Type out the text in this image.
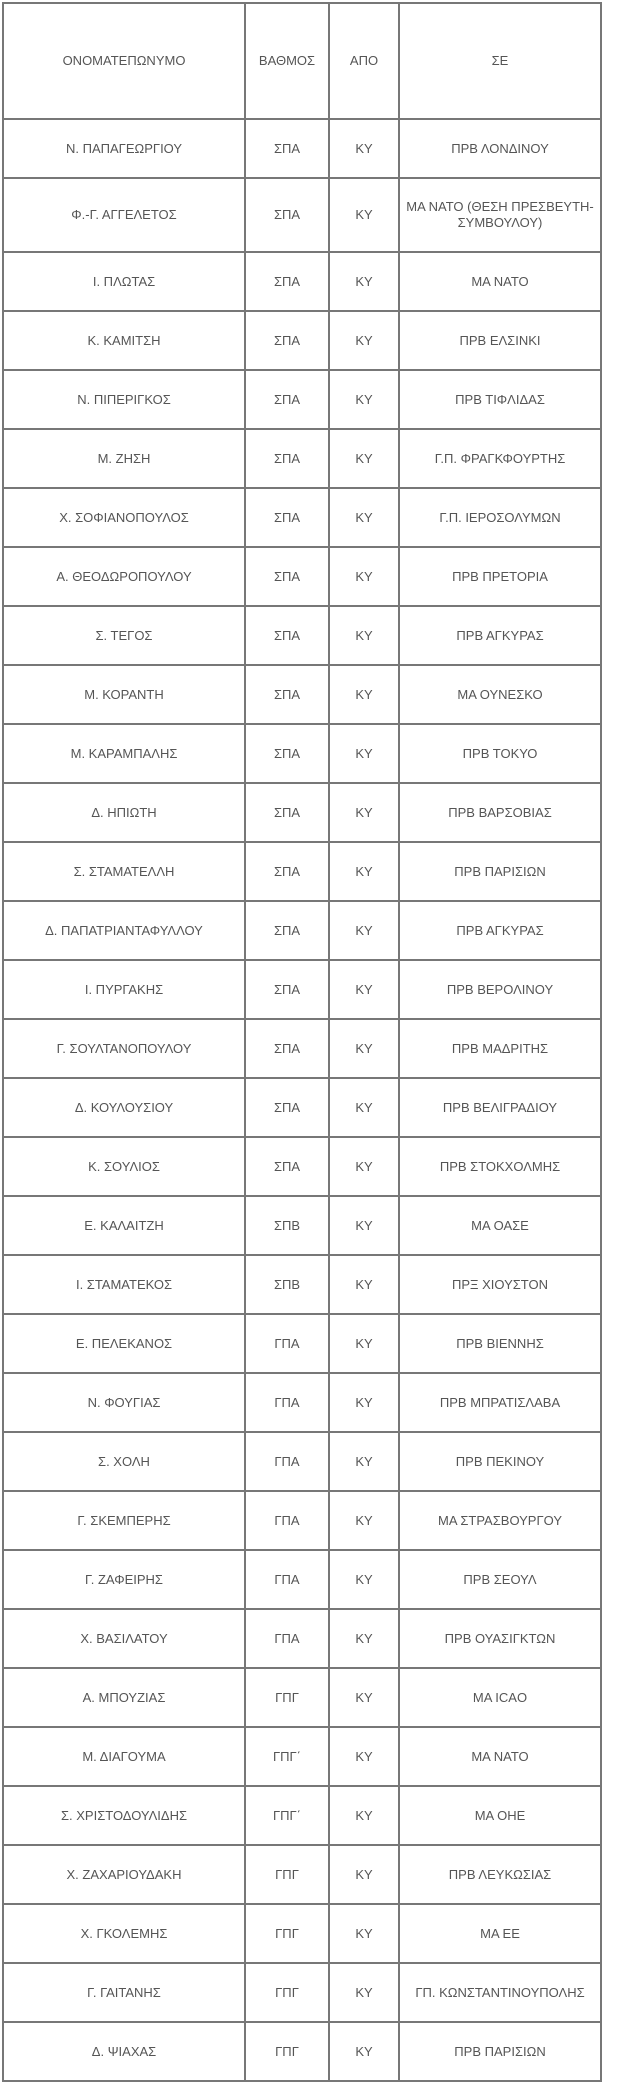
ΟΝΟΜΑΤΕΠΩΝΥΜΟ	ΒΑΘΜΟΣ	ΑΠΟ	ΣΕ
Ν. ΠΑΠΑΓΕΩΡΓΙΟΥ	ΣΠΑ	ΚΥ	ΠΡΒ ΛΟΝΔΙΝΟΥ
Φ.-Γ. ΑΓΓΕΛΕΤΟΣ	ΣΠΑ	ΚΥ	ΜΑ ΝΑΤΟ (ΘΕΣΗ ΠΡΕΣΒΕΥΤΗ-ΣΥΜΒΟΥΛΟΥ)
Ι. ΠΛΩΤΑΣ	ΣΠΑ	ΚΥ	ΜΑ ΝΑΤΟ
Κ. ΚΑΜΙΤΣΗ	ΣΠΑ	ΚΥ	ΠΡΒ ΕΛΣΙΝΚΙ
Ν. ΠΙΠΕΡΙΓΚΟΣ	ΣΠΑ	ΚΥ	ΠΡΒ ΤΙΦΛΙΔΑΣ
Μ. ΖΗΣΗ	ΣΠΑ	ΚΥ	Γ.Π. ΦΡΑΓΚΦΟΥΡΤΗΣ
Χ. ΣΟΦΙΑΝΟΠΟΥΛΟΣ	ΣΠΑ	ΚΥ	Γ.Π. ΙΕΡΟΣΟΛΥΜΩΝ
Α. ΘΕΟΔΩΡΟΠΟΥΛΟΥ	ΣΠΑ	ΚΥ	ΠΡΒ ΠΡΕΤΟΡΙΑ
Σ. ΤΕΓΟΣ	ΣΠΑ	ΚΥ	ΠΡΒ ΑΓΚΥΡΑΣ
Μ. ΚΟΡΑΝΤΗ	ΣΠΑ	ΚΥ	ΜΑ ΟΥΝΕΣΚΟ
Μ. ΚΑΡΑΜΠΑΛΗΣ	ΣΠΑ	ΚΥ	ΠΡΒ ΤΟΚΥΟ
Δ. ΗΠΙΩΤΗ	ΣΠΑ	ΚΥ	ΠΡΒ ΒΑΡΣΟΒΙΑΣ
Σ. ΣΤΑΜΑΤΕΛΛΗ	ΣΠΑ	ΚΥ	ΠΡΒ ΠΑΡΙΣΙΩΝ
Δ. ΠΑΠΑΤΡΙΑΝΤΑΦΥΛΛΟΥ	ΣΠΑ	ΚΥ	ΠΡΒ ΑΓΚΥΡΑΣ
Ι. ΠΥΡΓΑΚΗΣ	ΣΠΑ	ΚΥ	ΠΡΒ ΒΕΡΟΛΙΝΟΥ
Γ. ΣΟΥΛΤΑΝΟΠΟΥΛΟΥ	ΣΠΑ	ΚΥ	ΠΡΒ ΜΑΔΡΙΤΗΣ
Δ. ΚΟΥΛΟΥΣΙΟΥ	ΣΠΑ	ΚΥ	ΠΡΒ ΒΕΛΙΓΡΑΔΙΟΥ
Κ. ΣΟΥΛΙΟΣ	ΣΠΑ	ΚΥ	ΠΡΒ ΣΤΟΚΧΟΛΜΗΣ
Ε. ΚΑΛΑΙΤΖΗ	ΣΠΒ	ΚΥ	ΜΑ ΟΑΣΕ
Ι. ΣΤΑΜΑΤΕΚΟΣ	ΣΠΒ	ΚΥ	ΠΡΞ ΧΙΟΥΣΤΟΝ
Ε. ΠΕΛΕΚΑΝΟΣ	ΓΠΑ	ΚΥ	ΠΡΒ ΒΙΕΝΝΗΣ
Ν. ΦΟΥΓΙΑΣ	ΓΠΑ	ΚΥ	ΠΡΒ ΜΠΡΑΤΙΣΛΑΒΑ
Σ. ΧΟΛΗ	ΓΠΑ	ΚΥ	ΠΡΒ ΠΕΚΙΝΟΥ
Γ. ΣΚΕΜΠΕΡΗΣ	ΓΠΑ	ΚΥ	ΜΑ ΣΤΡΑΣΒΟΥΡΓΟΥ
Γ. ΖΑΦΕΙΡΗΣ	ΓΠΑ	ΚΥ	ΠΡΒ ΣΕΟΥΛ
Χ. ΒΑΣΙΛΑΤΟΥ	ΓΠΑ	ΚΥ	ΠΡΒ ΟΥΑΣΙΓΚΤΩΝ
Α. ΜΠΟΥΖΙΑΣ	ΓΠΓ	ΚΥ	ΜΑ ICAO
Μ. ΔΙΑΓΟΥΜΑ	ΓΠΓ΄	ΚΥ	ΜΑ ΝΑΤΟ
Σ. ΧΡΙΣΤΟΔΟΥΛΙΔΗΣ	ΓΠΓ΄	ΚΥ	ΜΑ ΟΗΕ
Χ. ΖΑΧΑΡΙΟΥΔΑΚΗ	ΓΠΓ	ΚΥ	ΠΡΒ ΛΕΥΚΩΣΙΑΣ
Χ. ΓΚΟΛΕΜΗΣ	ΓΠΓ	ΚΥ	ΜΑ ΕΕ
Γ. ΓΑΙΤΑΝΗΣ	ΓΠΓ	ΚΥ	ΓΠ. ΚΩΝΣΤΑΝΤΙΝΟΥΠΟΛΗΣ
Δ. ΨΙΑΧΑΣ	ΓΠΓ	ΚΥ	ΠΡΒ ΠΑΡΙΣΙΩΝ
